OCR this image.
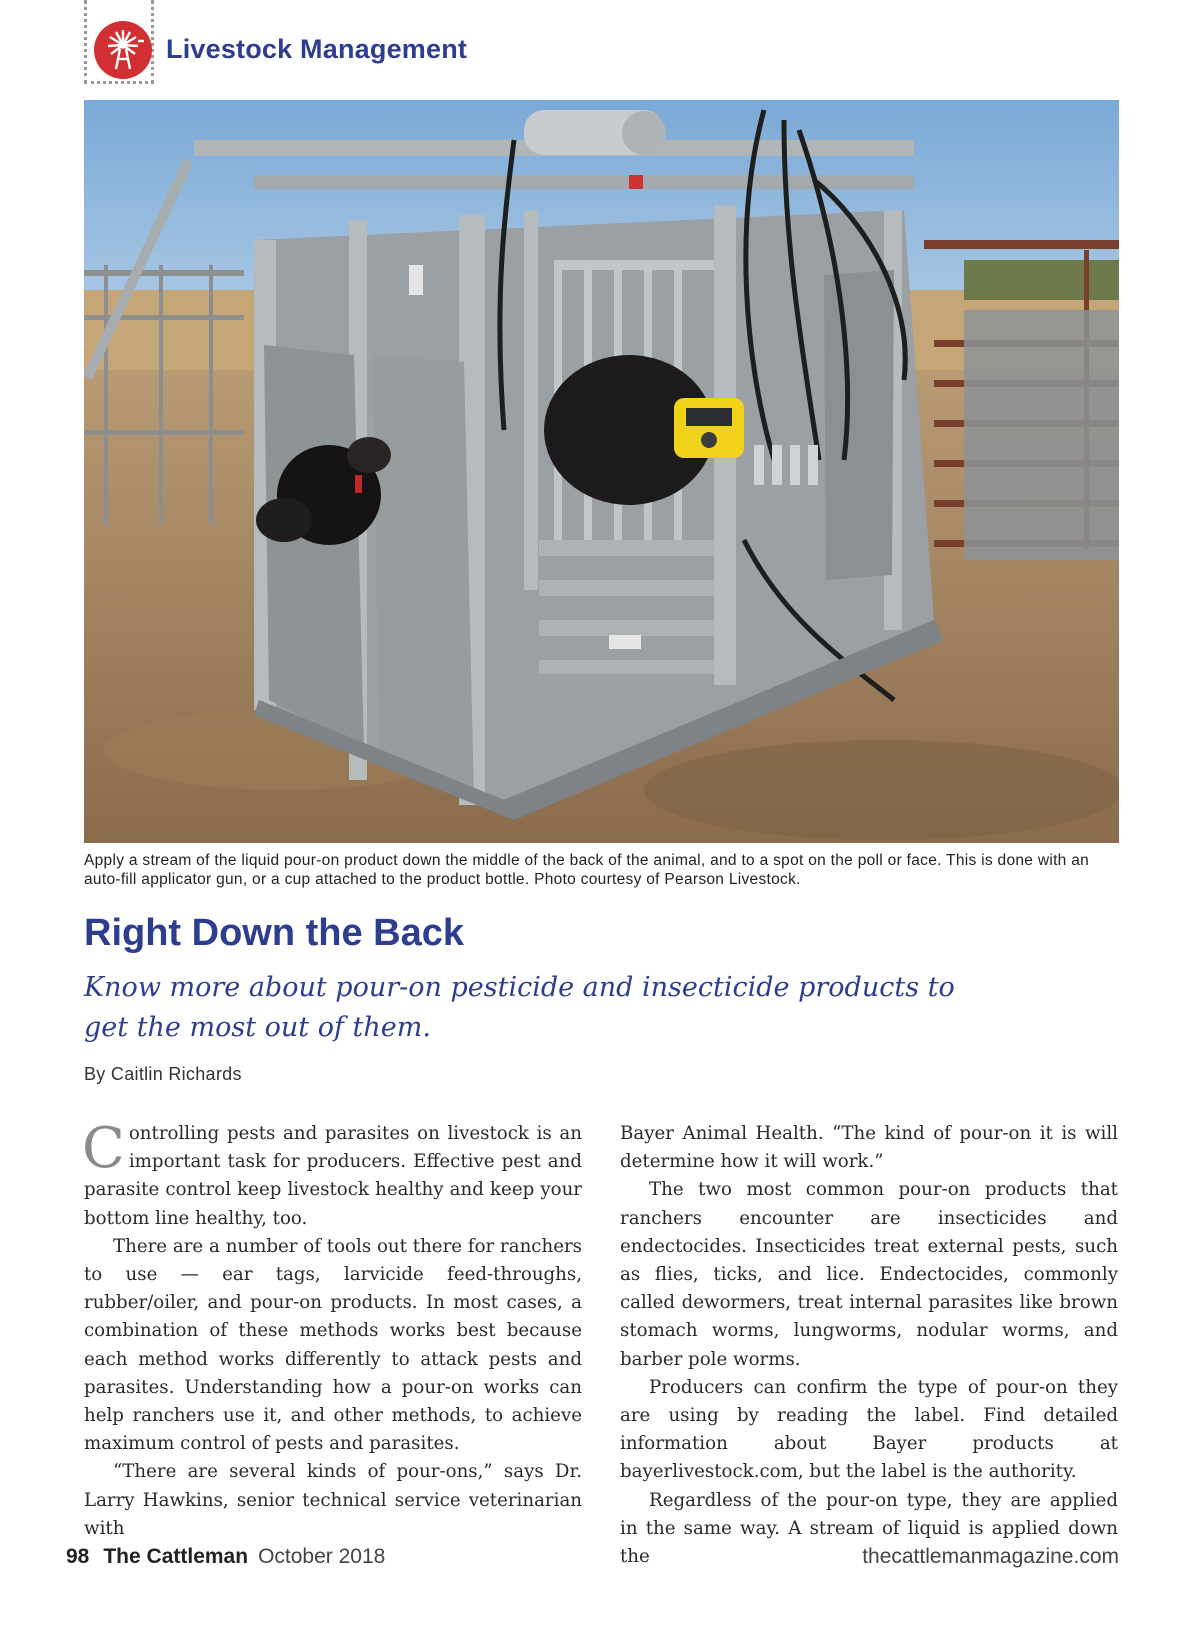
Livestock Management
Apply a stream of the liquid pour-on product down the middle of the back of the animal, and to a spot on the poll or face. This is done with an auto-fill applicator gun, or a cup attached to the product bottle. Photo courtesy of Pearson Livestock.
Right Down the Back

Know more about pour-on pesticide and insecticide products to get the most out of them.

By Caitlin Richards

Controlling pests and parasites on livestock is an important task for producers. Effective pest and parasite control keep livestock healthy and keep your bottom line healthy, too.

There are a number of tools out there for ranchers to use — ear tags, larvicide feed-throughs, rubber/oiler, and pour-on products. In most cases, a combination of these methods works best because each method works differently to attack pests and parasites. Understanding how a pour-on works can help ranchers use it, and other methods, to achieve maximum control of pests and parasites.

“There are several kinds of pour-ons,” says Dr. Larry Hawkins, senior technical service veterinarian with

Bayer Animal Health. “The kind of pour-on it is will determine how it will work.”

The two most common pour-on products that ranchers encounter are insecticides and endectocides. Insecticides treat external pests, such as flies, ticks, and lice. Endectocides, commonly called dewormers, treat internal parasites like brown stomach worms, lungworms, nodular worms, and barber pole worms.

Producers can confirm the type of pour-on they are using by reading the label. Find detailed information about Bayer products at bayerlivestock.com, but the label is the authority.

Regardless of the pour-on type, they are applied in the same way. A stream of liquid is applied down the

98 The Cattleman October 2018	thecattlemanmagazine.com
